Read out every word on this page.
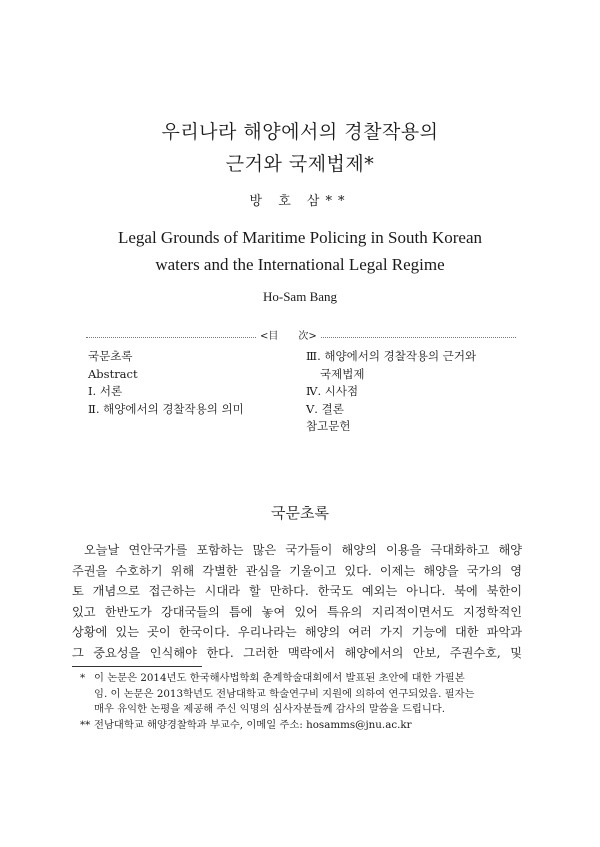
우리나라 해양에서의 경찰작용의
근거와 국제법제*
방 호 삼**
Legal Grounds of Maritime Policing in South Korean
waters and the International Legal Regime
Ho-Sam Bang
<目　　次>
국문초록
Abstract
Ⅰ. 서론
Ⅱ. 해양에서의 경찰작용의 의미
Ⅲ. 해양에서의 경찰작용의 근거와
국제법제
Ⅳ. 시사점
Ⅴ. 결론
참고문헌
국문초록
오늘날 연안국가를 포함하는 많은 국가들이 해양의 이용을 극대화하고 해양
주권을 수호하기 위해 각별한 관심을 기울이고 있다. 이제는 해양을 국가의 영
토 개념으로 접근하는 시대라 할 만하다. 한국도 예외는 아니다. 북에 북한이
있고 한반도가 강대국들의 틈에 놓여 있어 특유의 지리적이면서도 지정학적인
상황에 있는 곳이 한국이다. 우리나라는 해양의 여러 가지 기능에 대한 파악과
그 중요성을 인식해야 한다. 그러한 맥락에서 해양에서의 안보, 주권수호, 및
* 이 논문은 2014년도 한국해사법학회 춘계학술대회에서 발표된 초안에 대한 가필본
임. 이 논문은 2013학년도 전남대학교 학술연구비 지원에 의하여 연구되었음. 필자는
매우 유익한 논평을 제공해 주신 익명의 심사자분들께 감사의 말씀을 드립니다.
** 전남대학교 해양경찰학과 부교수, 이메일 주소: hosamms@jnu.ac.kr
